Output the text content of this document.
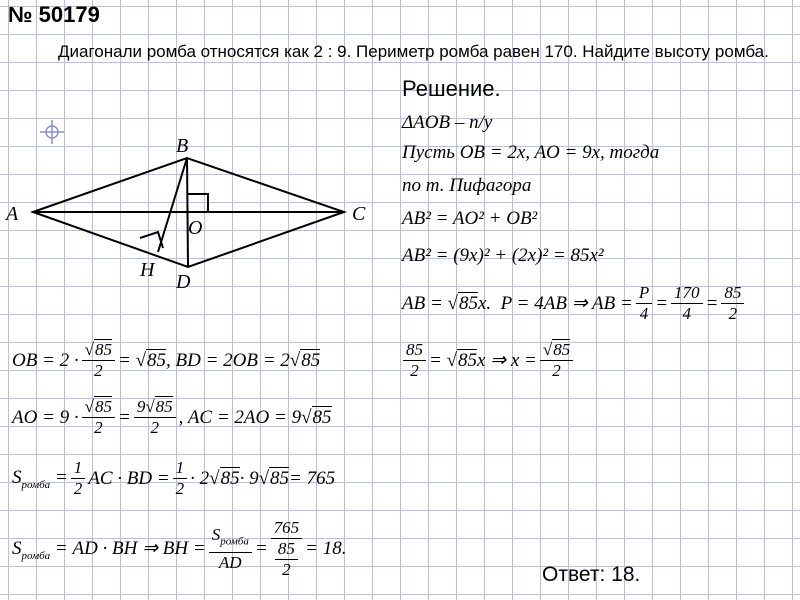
№ 50179
Диагонали ромба относятся как 2 : 9. Периметр ромба равен 170. Найдите высоту ромба.
A
B
C
D
O
H
Решение.
ΔAOB – п/у
Пусть OB = 2x, AO = 9x, тогда
по т. Пифагора
AB² = AO² + OB²
AB² = (9x)² + (2x)² = 85x²
AB = √ 85 x.  P = 4AB ⇒ AB = $\frac{P}{4} = \frac{170}{4} = \frac{85}{2}$
$\frac{85}{2}$ = √ 85 x ⇒ $x = \frac{√85}{2}$
OB = $2 \cdot \frac{√85}{2}$ = √ 85 , BD = 2OB = 2√ 85
AO = $9 \cdot \frac{√85}{2} = \frac{9√85}{2}$ , AC = 2AO = 9√ 85
$S_{ромба} = \frac{1}{2}$ AC · BD = $\frac{1}{2} \cdot 2√$ 85 · 9√ 85 = 765
$S_{ромба}$ = AD · BH ⇒ BH = $\frac{S_{ромба}}{AD} = \frac{765}{\frac{85}{2}} = 18$.
Ответ: 18.
